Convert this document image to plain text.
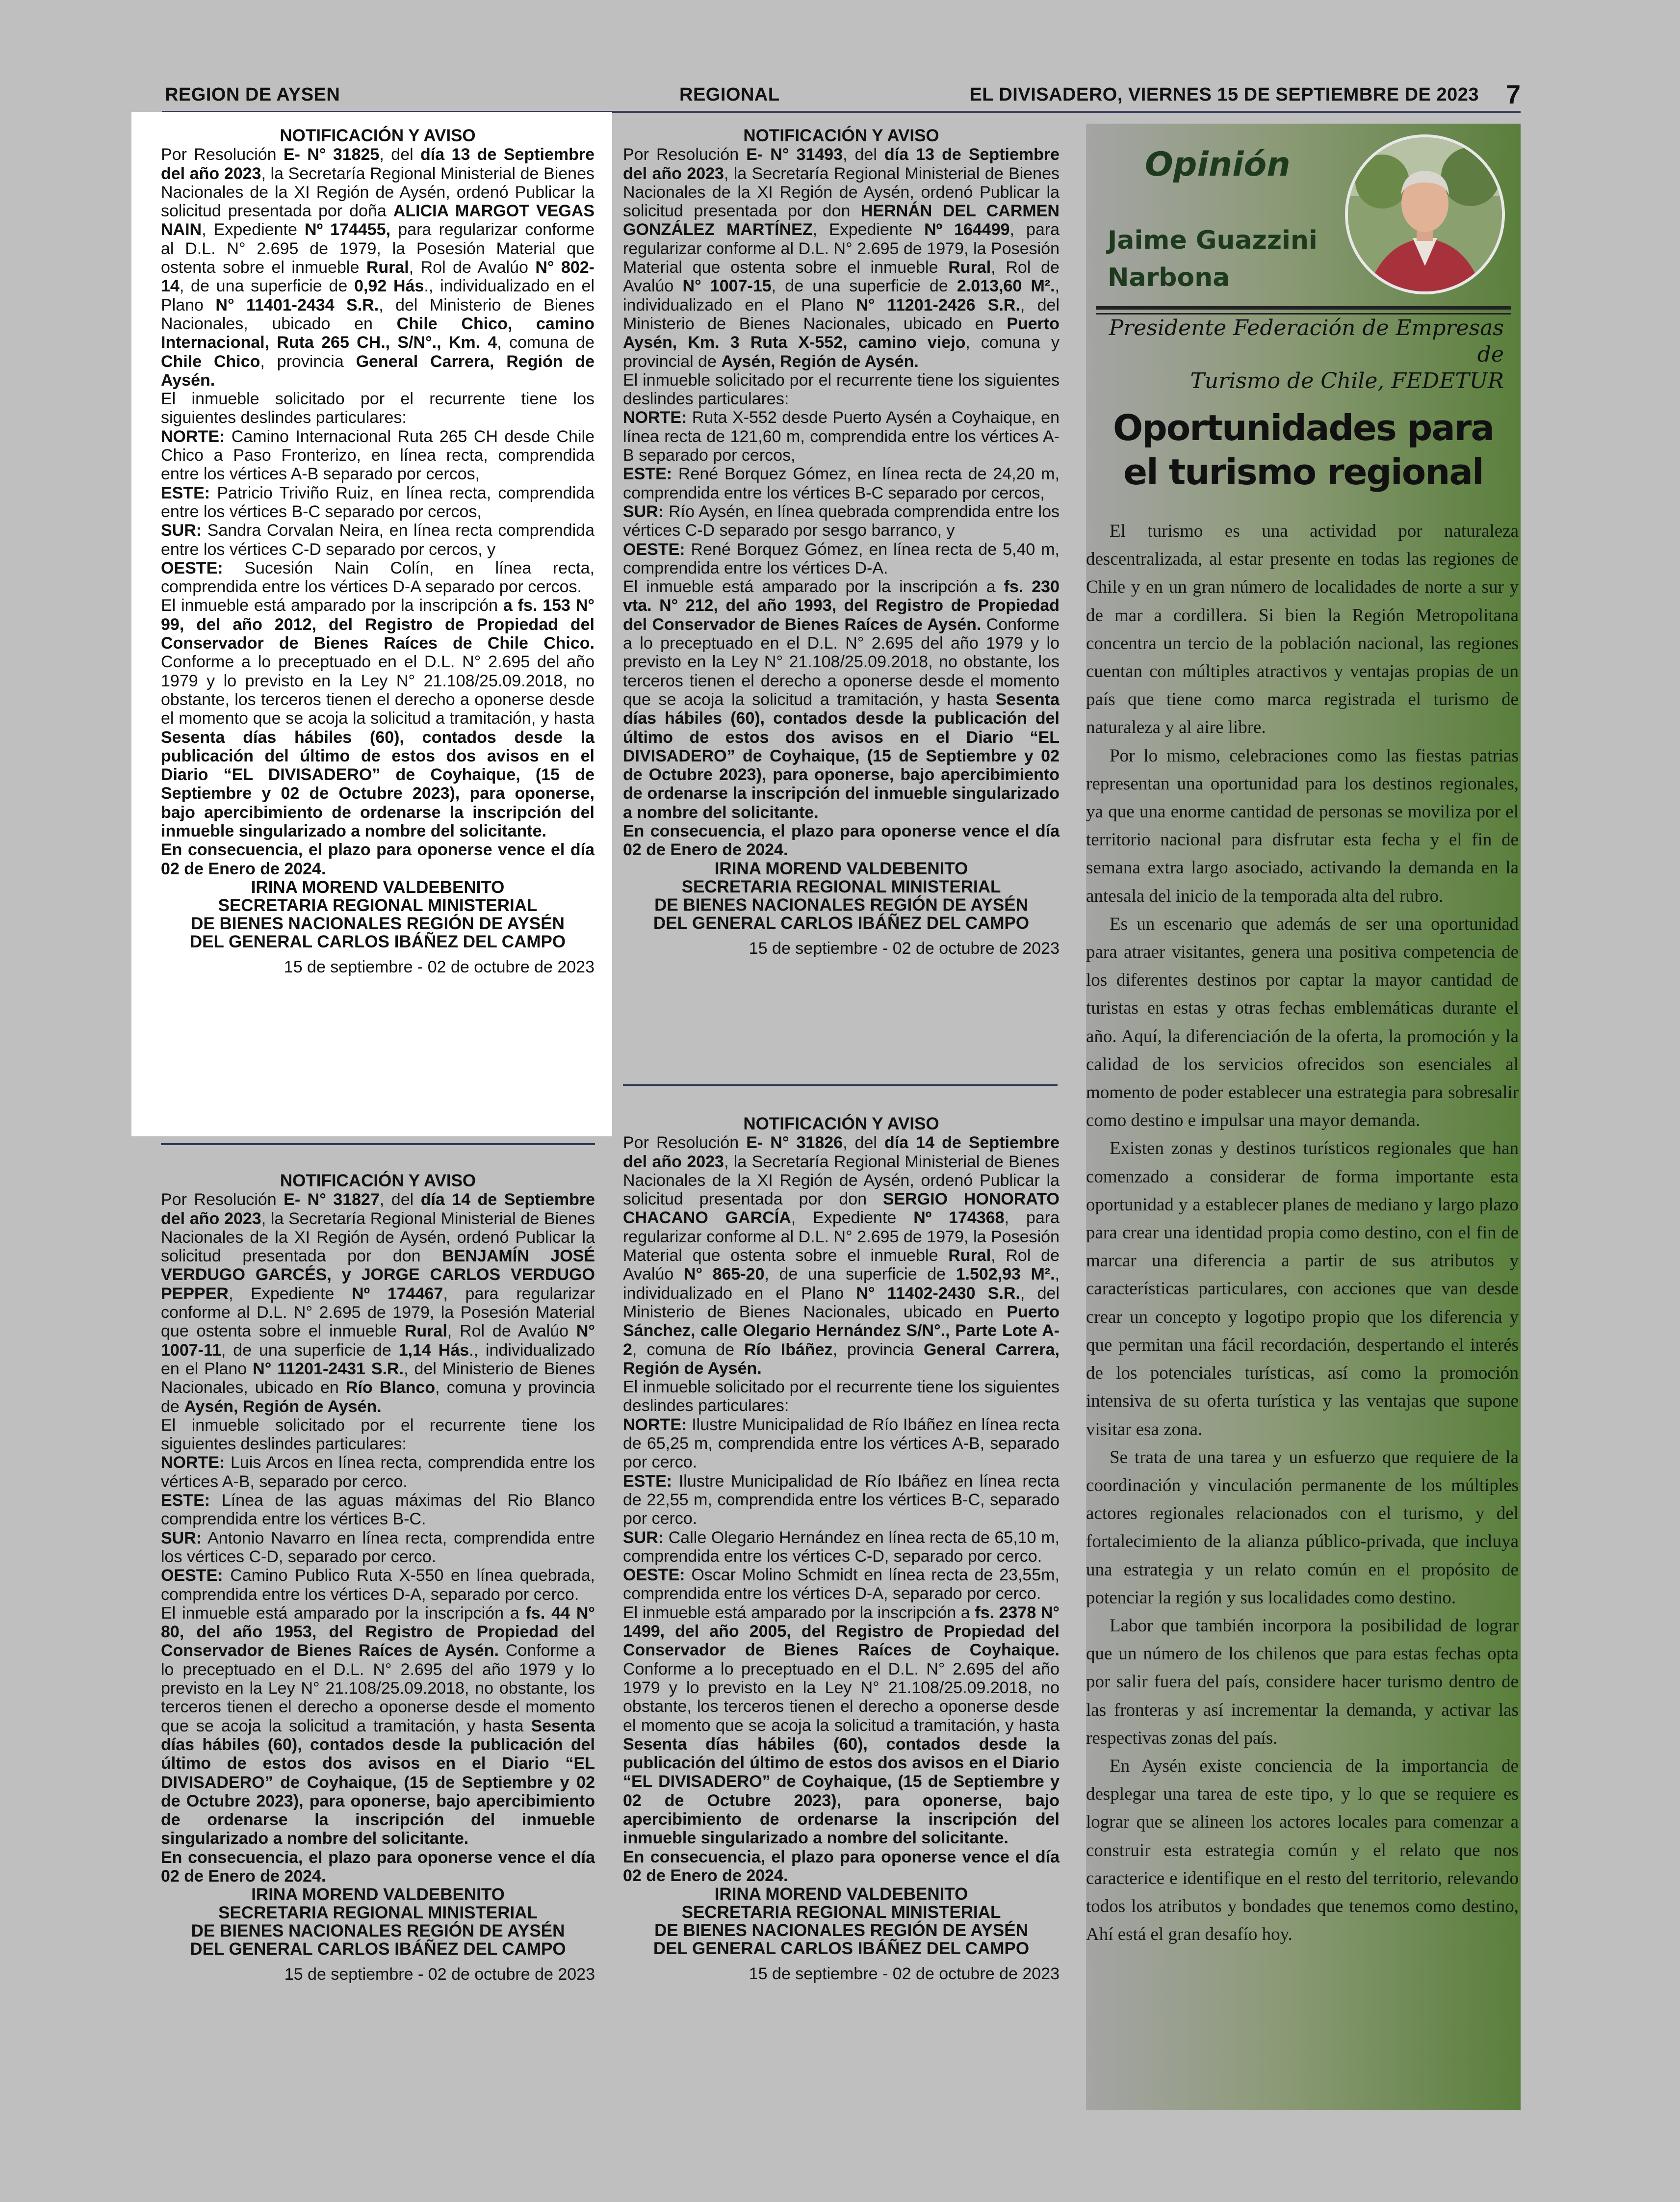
REGION DE AYSEN	REGIONAL	EL DIVISADERO, VIERNES 15 DE SEPTIEMBRE DE 2023 7

NOTIFICACIÓN Y AVISO

Por Resolución E- N° 31825, del día 13 de Septiembre del año 2023, la Secretaría Regional Ministerial de Bienes Nacionales de la XI Región de Aysén, ordenó Publicar la solicitud presentada por doña ALICIA MARGOT VEGAS NAIN, Expediente Nº 174455, para regularizar conforme al D.L. N° 2.695 de 1979, la Posesión Material que ostenta sobre el inmueble Rural, Rol de Avalúo N° 802-14, de una superficie de 0,92 Hás., individualizado en el Plano N° 11401-2434 S.R., del Ministerio de Bienes Nacionales, ubicado en Chile Chico, camino Internacional, Ruta 265 CH., S/N°., Km. 4, comuna de Chile Chico, provincia General Carrera, Región de Aysén.

El inmueble solicitado por el recurrente tiene los siguientes deslindes particulares:

NORTE: Camino Internacional Ruta 265 CH desde Chile Chico a Paso Fronterizo, en línea recta, comprendida entre los vértices A-B separado por cercos,

ESTE: Patricio Triviño Ruiz, en línea recta, comprendida entre los vértices B-C separado por cercos,

SUR: Sandra Corvalan Neira, en línea recta comprendida entre los vértices C-D separado por cercos, y

OESTE: Sucesión Nain Colín, en línea recta, comprendida entre los vértices D-A separado por cercos.

El inmueble está amparado por la inscripción a fs. 153 N° 99, del año 2012, del Registro de Propiedad del Conservador de Bienes Raíces de Chile Chico. Conforme a lo preceptuado en el D.L. N° 2.695 del año 1979 y lo previsto en la Ley N° 21.108/25.09.2018, no obstante, los terceros tienen el derecho a oponerse desde el momento que se acoja la solicitud a tramitación, y hasta Sesenta días hábiles (60), contados desde la publicación del último de estos dos avisos en el Diario “EL DIVISADERO” de Coyhaique, (15 de Septiembre y 02 de Octubre 2023), para oponerse, bajo apercibimiento de ordenarse la inscripción del inmueble singularizado a nombre del solicitante.

En consecuencia, el plazo para oponerse vence el día 02 de Enero de 2024.

IRINA MOREND VALDEBENITO

SECRETARIA REGIONAL MINISTERIAL

DE BIENES NACIONALES REGIÓN DE AYSÉN

DEL GENERAL CARLOS IBÁÑEZ DEL CAMPO

15 de septiembre - 02 de octubre de 2023

NOTIFICACIÓN Y AVISO

Por Resolución E- N° 31493, del día 13 de Septiembre del año 2023, la Secretaría Regional Ministerial de Bienes Nacionales de la XI Región de Aysén, ordenó Publicar la solicitud presentada por don HERNÁN DEL CARMEN GONZÁLEZ MARTÍNEZ, Expediente Nº 164499, para regularizar conforme al D.L. N° 2.695 de 1979, la Posesión Material que ostenta sobre el inmueble Rural, Rol de Avalúo N° 1007-15, de una superficie de 2.013,60 M²., individualizado en el Plano N° 11201-2426 S.R., del Ministerio de Bienes Nacionales, ubicado en Puerto Aysén, Km. 3 Ruta X-552, camino viejo, comuna y provincial de Aysén, Región de Aysén.

El inmueble solicitado por el recurrente tiene los siguientes deslindes particulares:

NORTE: Ruta X-552 desde Puerto Aysén a Coyhaique, en línea recta de 121,60 m, comprendida entre los vértices A-B separado por cercos,

ESTE: René Borquez Gómez, en línea recta de 24,20 m, comprendida entre los vértices B-C separado por cercos,

SUR: Río Aysén, en línea quebrada comprendida entre los vértices C-D separado por sesgo barranco, y

OESTE: René Borquez Gómez, en línea recta de 5,40 m, comprendida entre los vértices D-A.

El inmueble está amparado por la inscripción a fs. 230 vta. N° 212, del año 1993, del Registro de Propiedad del Conservador de Bienes Raíces de Aysén. Conforme a lo preceptuado en el D.L. N° 2.695 del año 1979 y lo previsto en la Ley N° 21.108/25.09.2018, no obstante, los terceros tienen el derecho a oponerse desde el momento que se acoja la solicitud a tramitación, y hasta Sesenta días hábiles (60), contados desde la publicación del último de estos dos avisos en el Diario “EL DIVISADERO” de Coyhaique, (15 de Septiembre y 02 de Octubre 2023), para oponerse, bajo apercibimiento de ordenarse la inscripción del inmueble singularizado a nombre del solicitante.

En consecuencia, el plazo para oponerse vence el día 02 de Enero de 2024.

IRINA MOREND VALDEBENITO

SECRETARIA REGIONAL MINISTERIAL

DE BIENES NACIONALES REGIÓN DE AYSÉN

DEL GENERAL CARLOS IBÁÑEZ DEL CAMPO

15 de septiembre - 02 de octubre de 2023

NOTIFICACIÓN Y AVISO

Por Resolución E- N° 31827, del día 14 de Septiembre del año 2023, la Secretaría Regional Ministerial de Bienes Nacionales de la XI Región de Aysén, ordenó Publicar la solicitud presentada por don BENJAMÍN JOSÉ VERDUGO GARCÉS, y JORGE CARLOS VERDUGO PEPPER, Expediente Nº 174467, para regularizar conforme al D.L. N° 2.695 de 1979, la Posesión Material que ostenta sobre el inmueble Rural, Rol de Avalúo N° 1007-11, de una superficie de 1,14 Hás., individualizado en el Plano N° 11201-2431 S.R., del Ministerio de Bienes Nacionales, ubicado en Río Blanco, comuna y provincia de Aysén, Región de Aysén.

El inmueble solicitado por el recurrente tiene los siguientes deslindes particulares:

NORTE: Luis Arcos en línea recta, comprendida entre los vértices A-B, separado por cerco.

ESTE: Línea de las aguas máximas del Rio Blanco comprendida entre los vértices B-C.

SUR: Antonio Navarro en línea recta, comprendida entre los vértices C-D, separado por cerco.

OESTE: Camino Publico Ruta X-550 en línea quebrada, comprendida entre los vértices D-A, separado por cerco.

El inmueble está amparado por la inscripción a fs. 44 N° 80, del año 1953, del Registro de Propiedad del Conservador de Bienes Raíces de Aysén. Conforme a lo preceptuado en el D.L. N° 2.695 del año 1979 y lo previsto en la Ley N° 21.108/25.09.2018, no obstante, los terceros tienen el derecho a oponerse desde el momento que se acoja la solicitud a tramitación, y hasta Sesenta días hábiles (60), contados desde la publicación del último de estos dos avisos en el Diario “EL DIVISADERO” de Coyhaique, (15 de Septiembre y 02 de Octubre 2023), para oponerse, bajo apercibimiento de ordenarse la inscripción del inmueble singularizado a nombre del solicitante.

En consecuencia, el plazo para oponerse vence el día 02 de Enero de 2024.

IRINA MOREND VALDEBENITO

SECRETARIA REGIONAL MINISTERIAL

DE BIENES NACIONALES REGIÓN DE AYSÉN

DEL GENERAL CARLOS IBÁÑEZ DEL CAMPO

15 de septiembre - 02 de octubre de 2023

NOTIFICACIÓN Y AVISO

Por Resolución E- N° 31826, del día 14 de Septiembre del año 2023, la Secretaría Regional Ministerial de Bienes Nacionales de la XI Región de Aysén, ordenó Publicar la solicitud presentada por don SERGIO HONORATO CHACANO GARCÍA, Expediente Nº 174368, para regularizar conforme al D.L. N° 2.695 de 1979, la Posesión Material que ostenta sobre el inmueble Rural, Rol de Avalúo N° 865-20, de una superficie de 1.502,93 M²., individualizado en el Plano N° 11402-2430 S.R., del Ministerio de Bienes Nacionales, ubicado en Puerto Sánchez, calle Olegario Hernández S/N°., Parte Lote A-2, comuna de Río Ibáñez, provincia General Carrera, Región de Aysén.

El inmueble solicitado por el recurrente tiene los siguientes deslindes particulares:

NORTE: Ilustre Municipalidad de Río Ibáñez en línea recta de 65,25 m, comprendida entre los vértices A-B, separado por cerco.

ESTE: Ilustre Municipalidad de Río Ibáñez en línea recta de 22,55 m, comprendida entre los vértices B-C, separado por cerco.

SUR: Calle Olegario Hernández en línea recta de 65,10 m, comprendida entre los vértices C-D, separado por cerco.

OESTE: Oscar Molino Schmidt en línea recta de 23,55m, comprendida entre los vértices D-A, separado por cerco.

El inmueble está amparado por la inscripción a fs. 2378 N° 1499, del año 2005, del Registro de Propiedad del Conservador de Bienes Raíces de Coyhaique. Conforme a lo preceptuado en el D.L. N° 2.695 del año 1979 y lo previsto en la Ley N° 21.108/25.09.2018, no obstante, los terceros tienen el derecho a oponerse desde el momento que se acoja la solicitud a tramitación, y hasta Sesenta días hábiles (60), contados desde la publicación del último de estos dos avisos en el Diario “EL DIVISADERO” de Coyhaique, (15 de Septiembre y 02 de Octubre 2023), para oponerse, bajo apercibimiento de ordenarse la inscripción del inmueble singularizado a nombre del solicitante.

En consecuencia, el plazo para oponerse vence el día 02 de Enero de 2024.

IRINA MOREND VALDEBENITO

SECRETARIA REGIONAL MINISTERIAL

DE BIENES NACIONALES REGIÓN DE AYSÉN

DEL GENERAL CARLOS IBÁÑEZ DEL CAMPO

15 de septiembre - 02 de octubre de 2023

Opinión
Jaime Guazzini
Narbona
Presidente Federación de Empresas de
Turismo de Chile, FEDETUR
Oportunidades para
el turismo regional

El turismo es una actividad por naturaleza descentralizada, al estar presente en todas las regiones de Chile y en un gran número de localidades de norte a sur y de mar a cordillera. Si bien la Región Metropolitana concentra un tercio de la población nacional, las regiones cuentan con múltiples atractivos y ventajas propias de un país que tiene como marca registrada el turismo de naturaleza y al aire libre.

Por lo mismo, celebraciones como las fiestas patrias representan una oportunidad para los destinos regionales, ya que una enorme cantidad de personas se moviliza por el territorio nacional para disfrutar esta fecha y el fin de semana extra largo asociado, activando la demanda en la antesala del inicio de la temporada alta del rubro.

Es un escenario que además de ser una oportunidad para atraer visitantes, genera una positiva competencia de los diferentes destinos por captar la mayor cantidad de turistas en estas y otras fechas emblemáticas durante el año. Aquí, la diferenciación de la oferta, la promoción y la calidad de los servicios ofrecidos son esenciales al momento de poder establecer una estrategia para sobresalir como destino e impulsar una mayor demanda.

Existen zonas y destinos turísticos regionales que han comenzado a considerar de forma importante esta oportunidad y a establecer planes de mediano y largo plazo para crear una identidad propia como destino, con el fin de marcar una diferencia a partir de sus atributos y características particulares, con acciones que van desde crear un concepto y logotipo propio que los diferencia y que permitan una fácil recordación, despertando el interés de los potenciales turísticas, así como la promoción intensiva de su oferta turística y las ventajas que supone visitar esa zona.

Se trata de una tarea y un esfuerzo que requiere de la coordinación y vinculación permanente de los múltiples actores regionales relacionados con el turismo, y del fortalecimiento de la alianza público-privada, que incluya una estrategia y un relato común en el propósito de potenciar la región y sus localidades como destino.

Labor que también incorpora la posibilidad de lograr que un número de los chilenos que para estas fechas opta por salir fuera del país, considere hacer turismo dentro de las fronteras y así incrementar la demanda, y activar las respectivas zonas del país.

En Aysén existe conciencia de la importancia de desplegar una tarea de este tipo, y lo que se requiere es lograr que se alineen los actores locales para comenzar a construir esta estrategia común y el relato que nos caracterice e identifique en el resto del territorio, relevando todos los atributos y bondades que tenemos como destino, Ahí está el gran desafío hoy.
